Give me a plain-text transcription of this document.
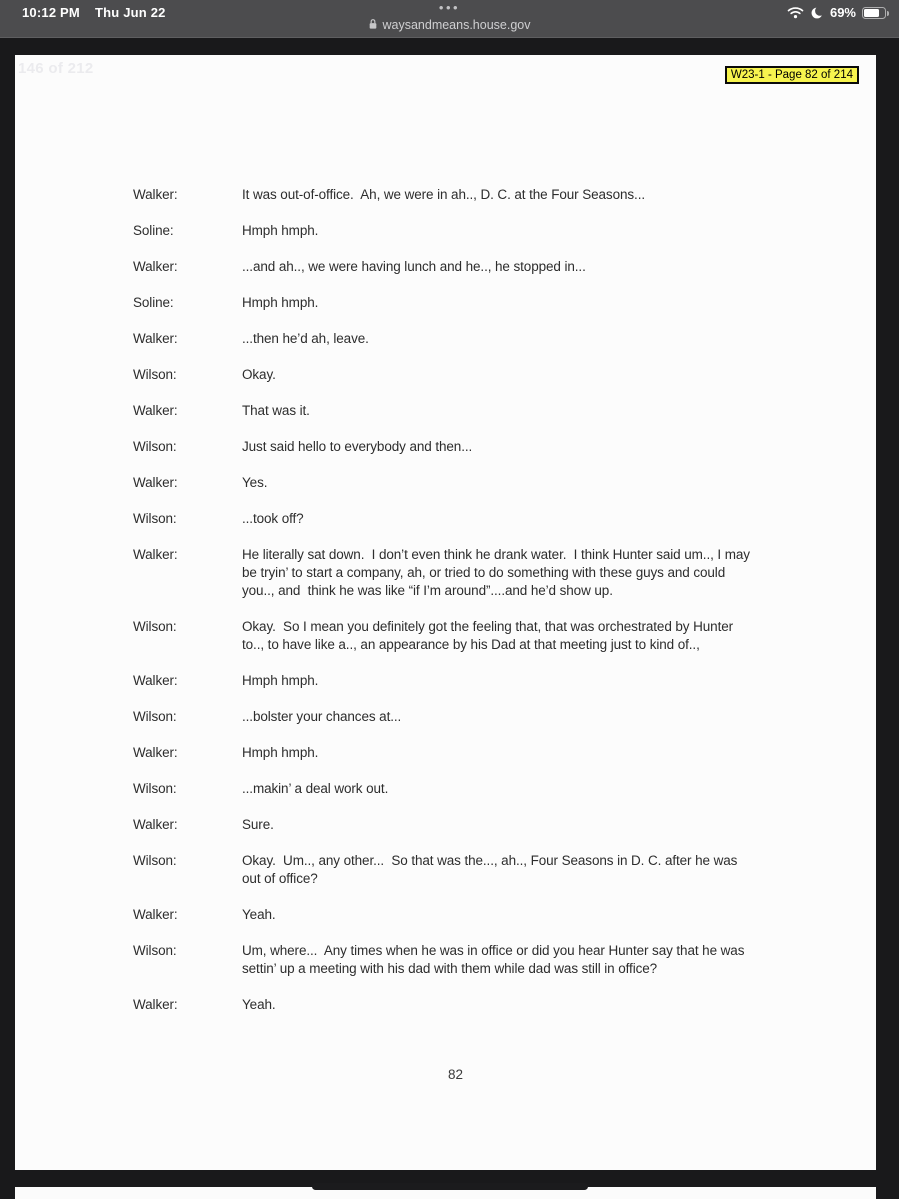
10:12 PM Thu Jun 22	•••
waysandmeans.house.gov
69%
146 of 212	W23-1 - Page 82 of 214
Walker:	It was out-of-office.  Ah, we were in ah.., D. C. at the Four Seasons...
Soline:	Hmph hmph.
Walker:	...and ah.., we were having lunch and he.., he stopped in...
Soline:	Hmph hmph.
Walker:	...then he’d ah, leave.
Wilson:	Okay.
Walker:	That was it.
Wilson:	Just said hello to everybody and then...
Walker:	Yes.
Wilson:	...took off?
Walker:	He literally sat down.  I don’t even think he drank water.  I think Hunter said um.., I may be tryin’ to start a company, ah, or tried to do something with these guys and could you.., and  think he was like “if I’m around”....and he’d show up.
Wilson:	Okay.  So I mean you definitely got the feeling that, that was orchestrated by Hunter to.., to have like a.., an appearance by his Dad at that meeting just to kind of..,
Walker:	Hmph hmph.
Wilson:	...bolster your chances at...
Walker:	Hmph hmph.
Wilson:	...makin’ a deal work out.
Walker:	Sure.
Wilson:	Okay.  Um.., any other...  So that was the..., ah.., Four Seasons in D. C. after he was out of office?
Walker:	Yeah.
Wilson:	Um, where...  Any times when he was in office or did you hear Hunter say that he was settin’ up a meeting with his dad with them while dad was still in office?
Walker:	Yeah.
82
